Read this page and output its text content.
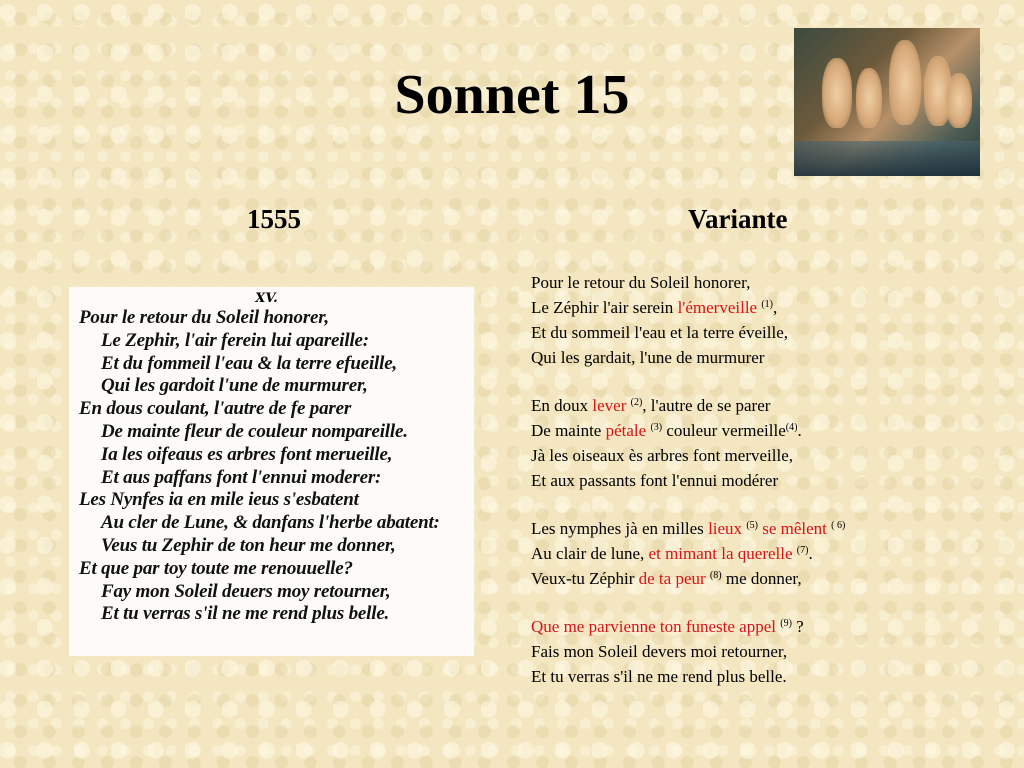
Sonnet 15
1555	Variante
XV.
Pour le retour du Soleil honorer,
Le Zephir, l'air ferein lui apareille:
Et du fommeil l'eau & la terre efueille,
Qui les gardoit l'une de murmurer,
En dous coulant, l'autre de fe parer
De mainte fleur de couleur nompareille.
Ia les oifeaus es arbres font merueille,
Et aus paffans font l'ennui moderer:
Les Nynfes ia en mile ieus s'esbatent
Au cler de Lune, & danfans l'herbe abatent:
Veus tu Zephir de ton heur me donner,
Et que par toy toute me renouuelle?
Fay mon Soleil deuers moy retourner,
Et tu verras s'il ne me rend plus belle.
Pour le retour du Soleil honorer,
Le Zéphir l'air serein l'émerveille $^{(1)}$,
Et du sommeil l'eau et la terre éveille,
Qui les gardait, l'une de murmurer
En doux lever $^{(2)}$, l'autre de se parer
De mainte pétale $^{(3)}$ couleur vermeille$^{(4)}$.
Jà les oiseaux ès arbres font merveille,
Et aux passants font l'ennui modérer
Les nymphes jà en milles lieux $^{(5)}$ se mêlent $^{( 6)}$
Au clair de lune, et mimant la querelle $^{(7)}$.
Veux-tu Zéphir de ta peur $^{(8)}$ me donner,
Que me parvienne ton funeste appel $^{(9)}$ ?
Fais mon Soleil devers moi retourner,
Et tu verras s'il ne me rend plus belle.
